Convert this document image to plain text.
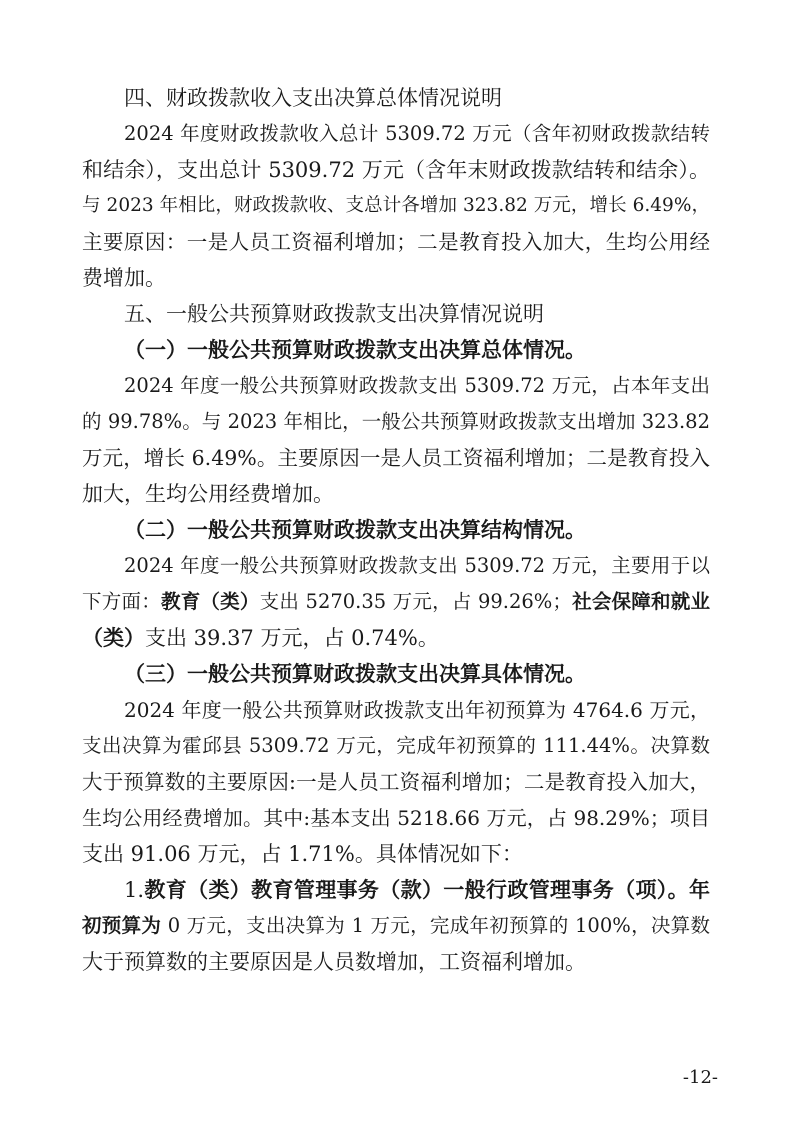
四、财政拨款收入支出决算总体情况说明
2024 年度财政拨款收入总计 5309.72 万元（含年初财政拨款结转
和结余），支出总计 5309.72 万元（含年末财政拨款结转和结余）。
与 2023 年相比，财政拨款收、支总计各增加 323.82 万元，增长 6.49%，
主要原因：一是人员工资福利增加；二是教育投入加大，生均公用经
费增加。
五、一般公共预算财政拨款支出决算情况说明
（一）一般公共预算财政拨款支出决算总体情况。
2024 年度一般公共预算财政拨款支出 5309.72 万元，占本年支出
的 99.78%。与 2023 年相比，一般公共预算财政拨款支出增加 323.82
万元，增长 6.49%。主要原因一是人员工资福利增加；二是教育投入
加大，生均公用经费增加。
（二）一般公共预算财政拨款支出决算结构情况。
2024 年度一般公共预算财政拨款支出 5309.72 万元，主要用于以
下方面：教育（类）支出 5270.35 万元，占 99.26%；社会保障和就业
（类）支出 39.37 万元，占 0.74%。
（三）一般公共预算财政拨款支出决算具体情况。
2024 年度一般公共预算财政拨款支出年初预算为 4764.6 万元，
支出决算为霍邱县 5309.72 万元，完成年初预算的 111.44%。决算数
大于预算数的主要原因:一是人员工资福利增加；二是教育投入加大，
生均公用经费增加。其中:基本支出 5218.66 万元，占 98.29%；项目
支出 91.06 万元，占 1.71%。具体情况如下：
1.教育（类）教育管理事务（款）一般行政管理事务（项）。年
初预算为 0 万元，支出决算为 1 万元，完成年初预算的 100%，决算数
大于预算数的主要原因是人员数增加，工资福利增加。
-12-
